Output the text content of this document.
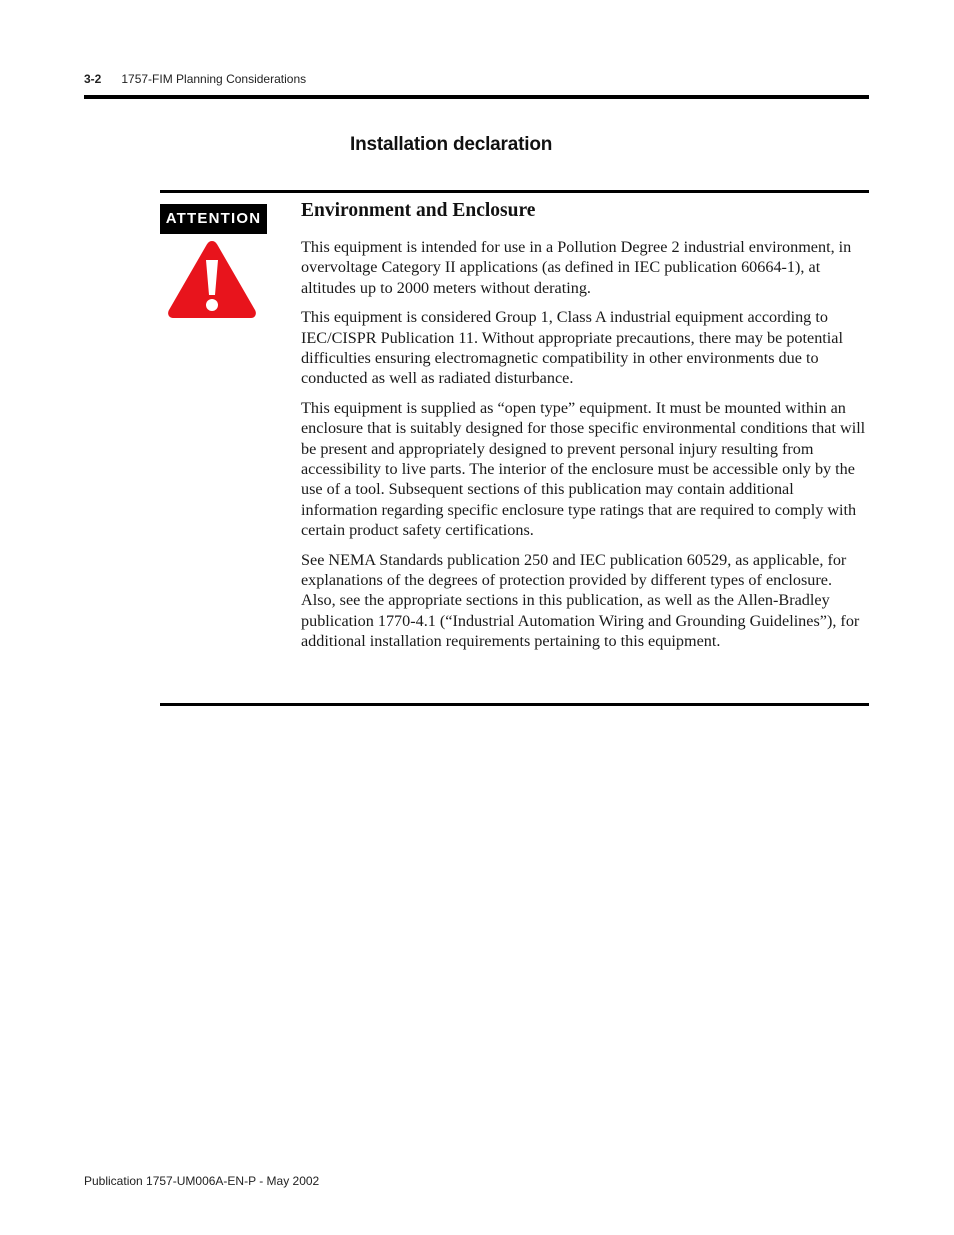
3-2 1757-FIM Planning Considerations
Installation declaration
ATTENTION Environment and Enclosure

This equipment is intended for use in a Pollution Degree 2 industrial environment, in overvoltage Category II applications (as defined in IEC publication 60664-1), at altitudes up to 2000 meters without derating.

This equipment is considered Group 1, Class A industrial equipment according to IEC/CISPR Publication 11. Without appropriate precautions, there may be potential difficulties ensuring electromagnetic compatibility in other environments due to conducted as well as radiated disturbance.

This equipment is supplied as “open type” equipment. It must be mounted within an enclosure that is suitably designed for those specific environmental conditions that will be present and appropriately designed to prevent personal injury resulting from accessibility to live parts. The interior of the enclosure must be accessible only by the use of a tool. Subsequent sections of this publication may contain additional information regarding specific enclosure type ratings that are required to comply with certain product safety certifications.

See NEMA Standards publication 250 and IEC publication 60529, as applicable, for explanations of the degrees of protection provided by different types of enclosure. Also, see the appropriate sections in this publication, as well as the Allen-Bradley publication 1770-4.1 (“Industrial Automation Wiring and Grounding Guidelines”), for additional installation requirements pertaining to this equipment.

Publication 1757-UM006A-EN-P - May 2002
